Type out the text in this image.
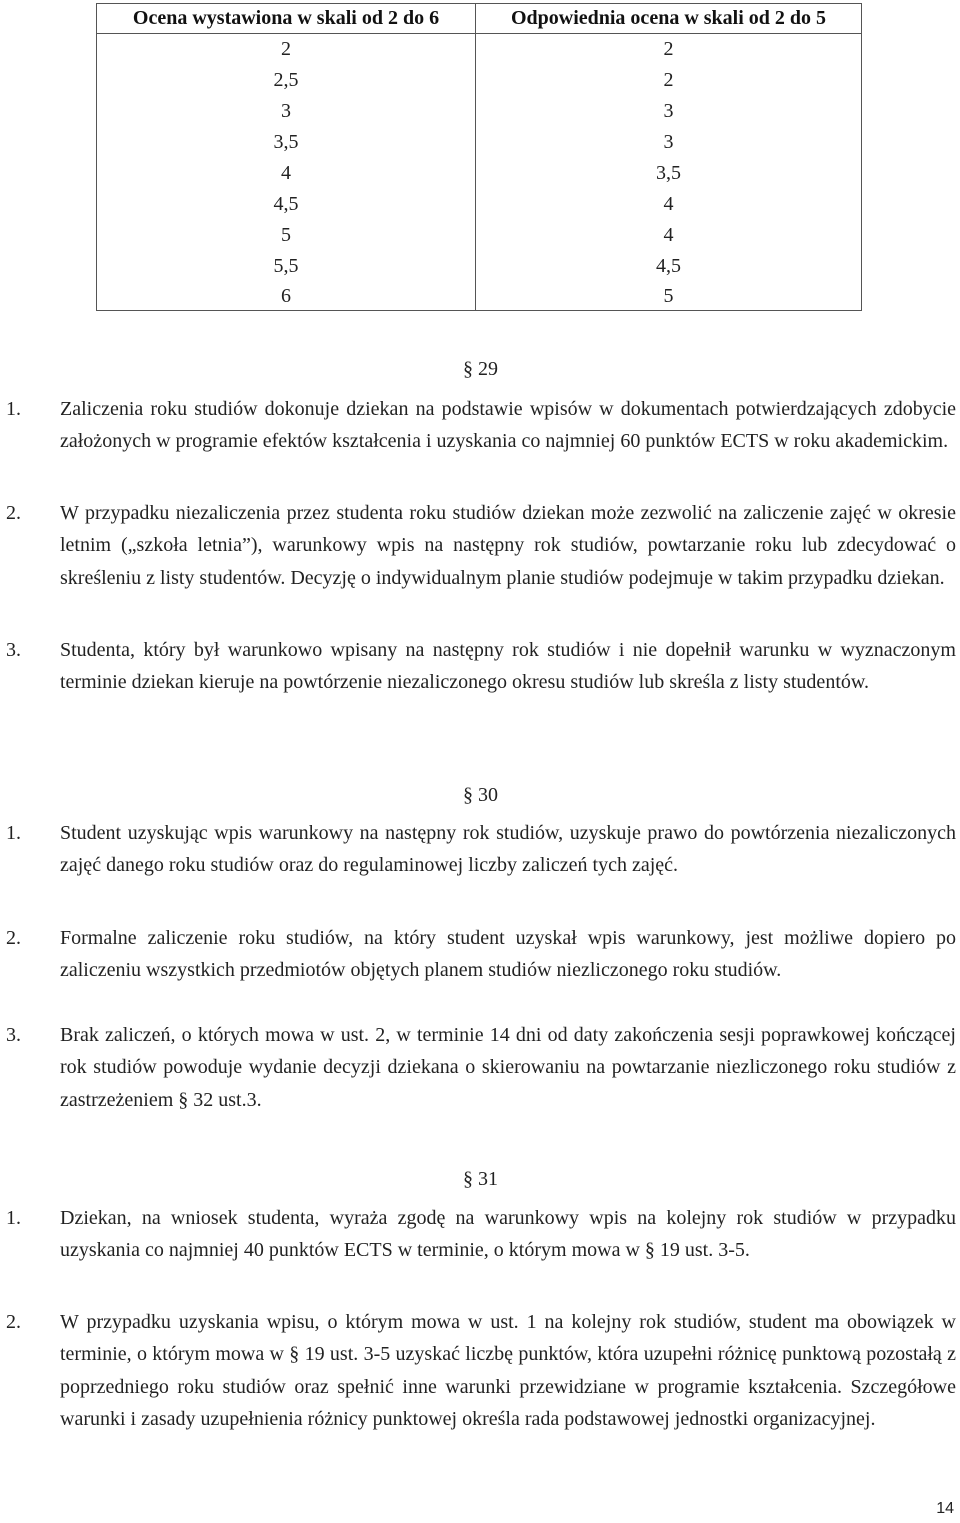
Ocena wystawiona w skali od 2 do 6	Odpowiednia ocena w skali od 2 do 5
2	2
2,5	2
3	3
3,5	3
4	3,5
4,5	4
5	4
5,5	4,5
6	5
§ 29
1.	Zaliczenia roku studiów dokonuje dziekan na podstawie wpisów w dokumentach potwierdzających zdobycie założonych w programie efektów kształcenia i uzyskania co najmniej 60 punktów ECTS w roku akademickim.
2.	W przypadku niezaliczenia przez studenta roku studiów dziekan może zezwolić na zaliczenie zajęć w okresie letnim („szkoła letnia”), warunkowy wpis na następny rok studiów, powtarzanie roku lub zdecydować o skreśleniu z listy studentów. Decyzję o indywidualnym planie studiów podejmuje w takim przypadku dziekan.
3.	Studenta, który był warunkowo wpisany na następny rok studiów i nie dopełnił warunku w wyznaczonym terminie dziekan kieruje na powtórzenie niezaliczonego okresu studiów lub skreśla z listy studentów.
§ 30
1.	Student uzyskując wpis warunkowy na następny rok studiów, uzyskuje prawo do powtórzenia niezaliczonych zajęć danego roku studiów oraz do regulaminowej liczby zaliczeń tych zajęć.
2.	Formalne zaliczenie roku studiów, na który student uzyskał wpis warunkowy, jest możliwe dopiero po zaliczeniu wszystkich przedmiotów objętych planem studiów niezliczonego roku studiów.
3.	Brak zaliczeń, o których mowa w ust. 2, w terminie 14 dni od daty zakończenia sesji poprawkowej kończącej rok studiów powoduje wydanie decyzji dziekana o skierowaniu na powtarzanie niezliczonego roku studiów z zastrzeżeniem § 32 ust.3.
§ 31
1.	Dziekan, na wniosek studenta, wyraża zgodę na warunkowy wpis na kolejny rok studiów w przypadku uzyskania co najmniej 40 punktów ECTS w terminie, o którym mowa w § 19 ust. 3-5.
2.	W przypadku uzyskania wpisu, o którym mowa w ust. 1 na kolejny rok studiów, student ma obowiązek w terminie, o którym mowa w § 19 ust. 3-5 uzyskać liczbę punktów, która uzupełni różnicę punktową pozostałą z poprzedniego roku studiów oraz spełnić inne warunki przewidziane w programie kształcenia. Szczegółowe warunki i zasady uzupełnienia różnicy punktowej określa rada podstawowej jednostki organizacyjnej.
14
